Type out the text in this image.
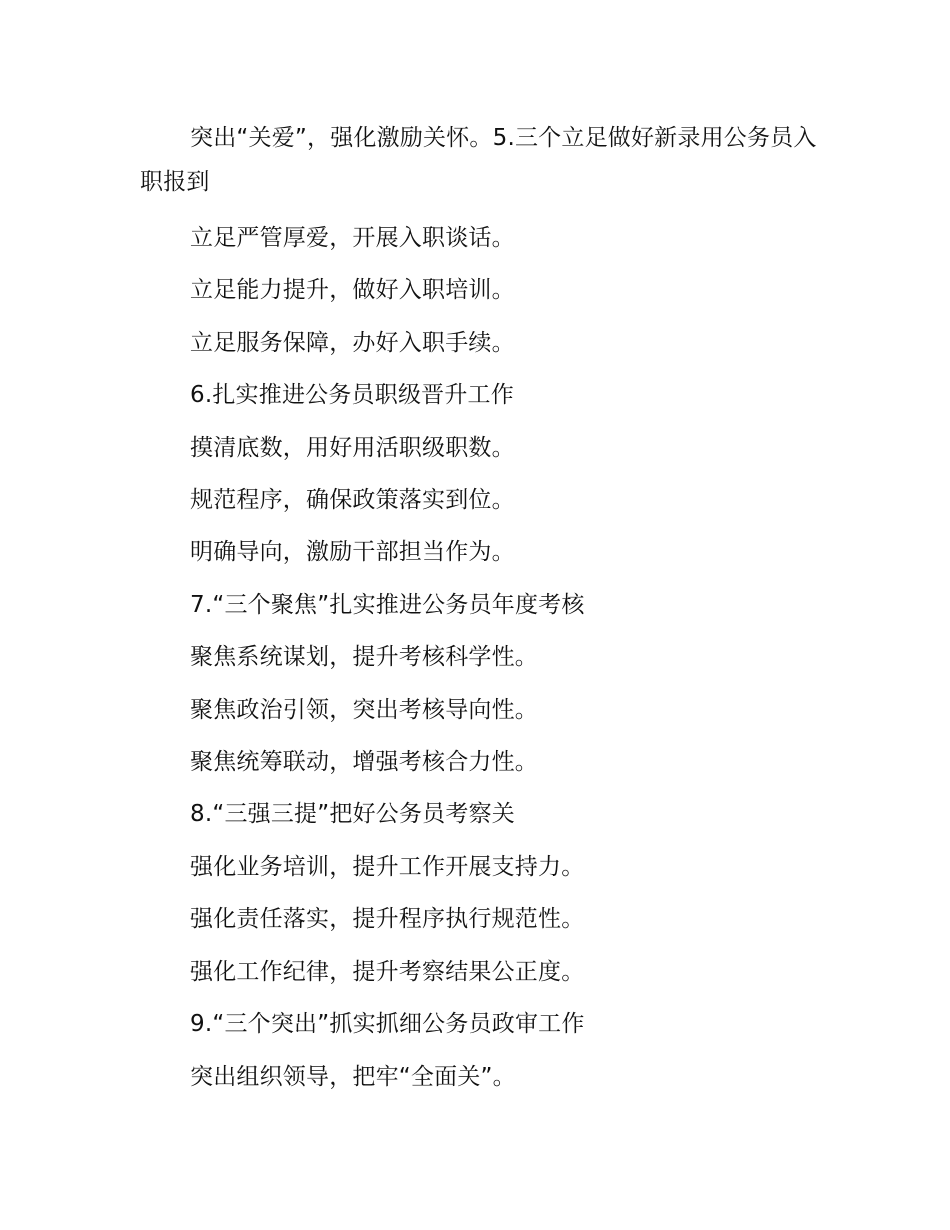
突出“关爱”，强化激励关怀。5.三个立足做好新录用公务员入职报到

立足严管厚爱，开展入职谈话。

立足能力提升，做好入职培训。

立足服务保障，办好入职手续。

6.扎实推进公务员职级晋升工作

摸清底数，用好用活职级职数。

规范程序，确保政策落实到位。

明确导向，激励干部担当作为。

7.“三个聚焦”扎实推进公务员年度考核

聚焦系统谋划，提升考核科学性。

聚焦政治引领，突出考核导向性。

聚焦统筹联动，增强考核合力性。

8.“三强三提”把好公务员考察关

强化业务培训，提升工作开展支持力。

强化责任落实，提升程序执行规范性。

强化工作纪律，提升考察结果公正度。

9.“三个突出”抓实抓细公务员政审工作

突出组织领导，把牢“全面关”。
